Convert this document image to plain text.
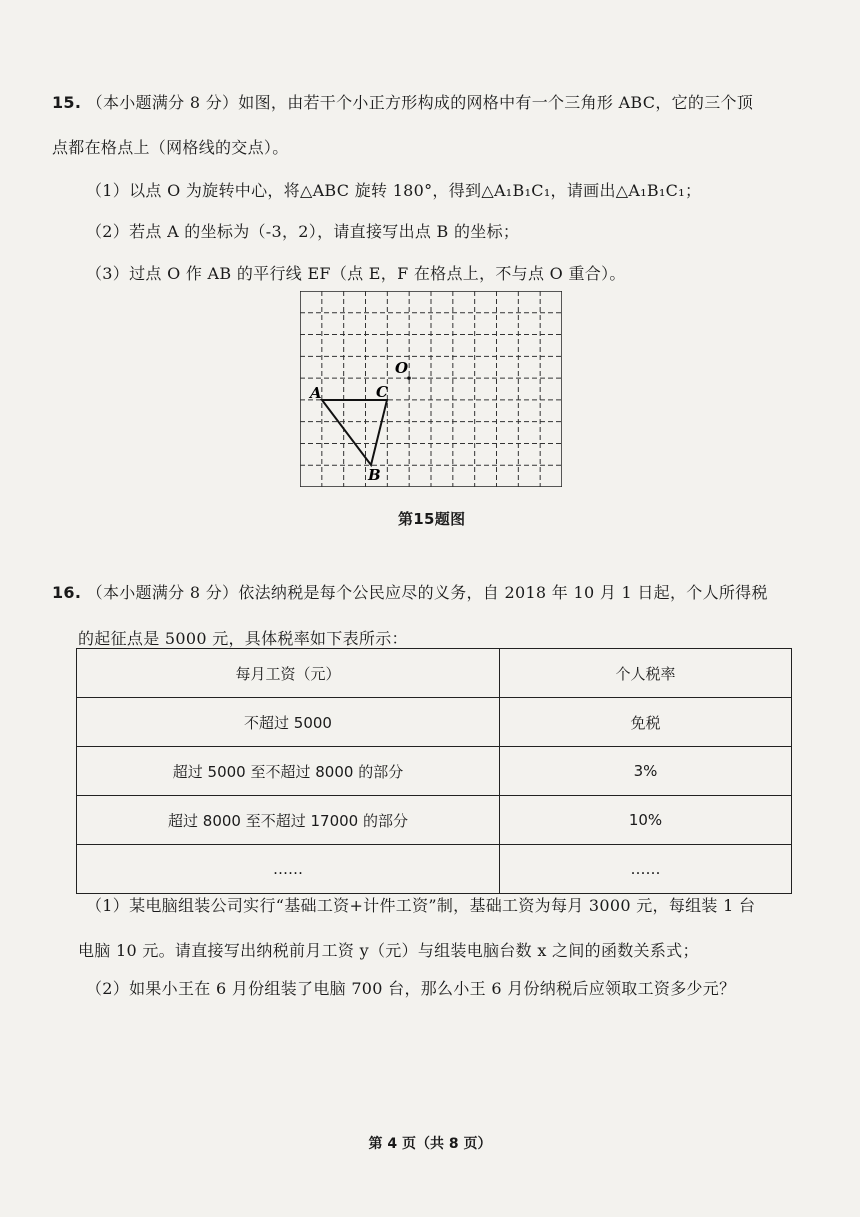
15. （本小题满分 8 分）如图，由若干个小正方形构成的网格中有一个三角形 ABC，它的三个顶
点都在格点上（网格线的交点）。
（1）以点 O 为旋转中心，将△ABC 旋转 180°，得到△A₁B₁C₁，请画出△A₁B₁C₁；
（2）若点 A 的坐标为（-3，2），请直接写出点 B 的坐标；
（3）过点 O 作 AB 的平行线 EF（点 E，F 在格点上，不与点 O 重合）。
A	C
O
B
第15题图
16. （本小题满分 8 分）依法纳税是每个公民应尽的义务，自 2018 年 10 月 1 日起，个人所得税
的起征点是 5000 元，具体税率如下表所示：
每月工资（元）	个人税率
不超过 5000	免税
超过 5000 至不超过 8000 的部分	3%
超过 8000 至不超过 17000 的部分	10%
……	……
（1）某电脑组装公司实行“基础工资+计件工资”制，基础工资为每月 3000 元，每组装 1 台
电脑 10 元。请直接写出纳税前月工资 y（元）与组装电脑台数 x 之间的函数关系式；
（2）如果小王在 6 月份组装了电脑 700 台，那么小王 6 月份纳税后应领取工资多少元？
第 4 页（共 8 页）
